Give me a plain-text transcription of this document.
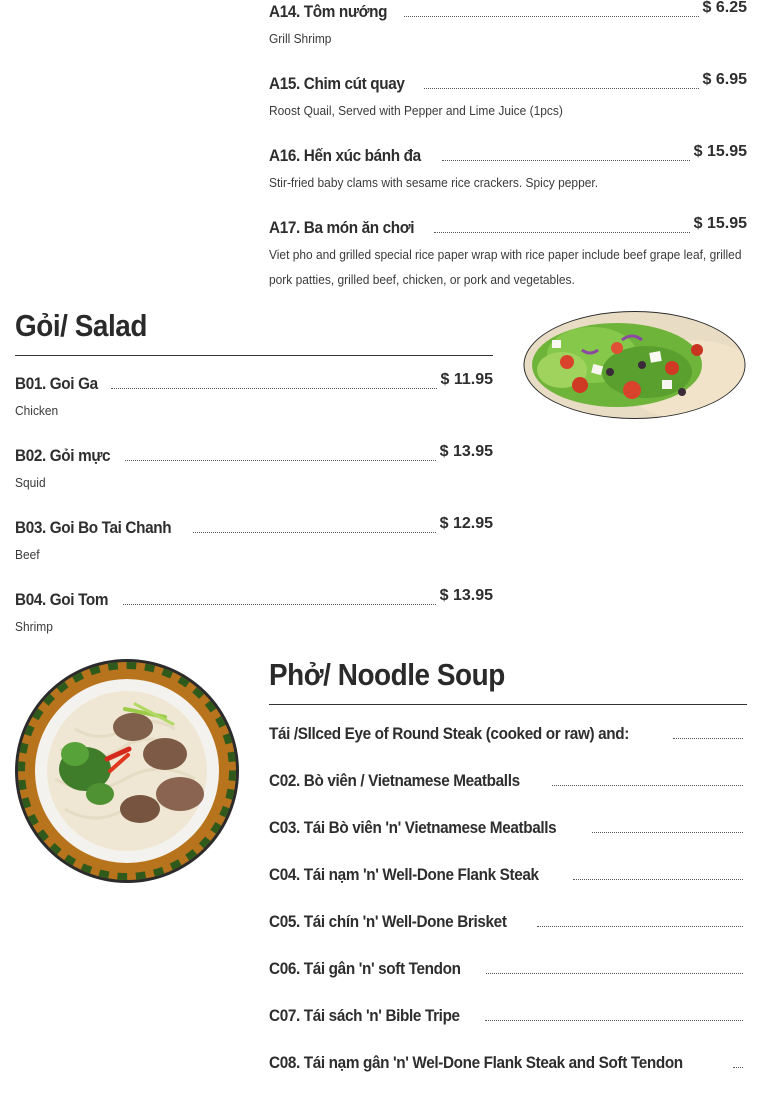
A14. Tôm nướng	$ 6.25
Grill Shrimp
A15. Chim cút quay	$ 6.95
Roost Quail, Served with Pepper and Lime Juice (1pcs)
A16. Hến xúc bánh đa	$ 15.95
Stir-fried baby clams with sesame rice crackers. Spicy pepper.
A17. Ba món ăn chơi	$ 15.95
Viet pho and grilled special rice paper wrap with rice paper include beef grape leaf, grilled pork patties, grilled beef, chicken, or pork and vegetables.
Gỏi/ Salad
B01. Goi Ga	$ 11.95
Chicken
B02. Gỏi mực	$ 13.95
Squid
B03. Goi Bo Tai Chanh	$ 12.95
Beef
B04. Goi Tom	$ 13.95
Shrimp
Phở/ Noodle Soup
Tái /Sllced Eye of Round Steak (cooked or raw) and:
C02. Bò viên / Vietnamese Meatballs
C03. Tái Bò viên 'n' Vietnamese Meatballs
C04. Tái nạm 'n' Well-Done Flank Steak
C05. Tái chín 'n' Well-Done Brisket
C06. Tái gân 'n' soft Tendon
C07. Tái sách 'n' Bible Tripe
C08. Tái nạm gân 'n' Wel-Done Flank Steak and Soft Tendon
